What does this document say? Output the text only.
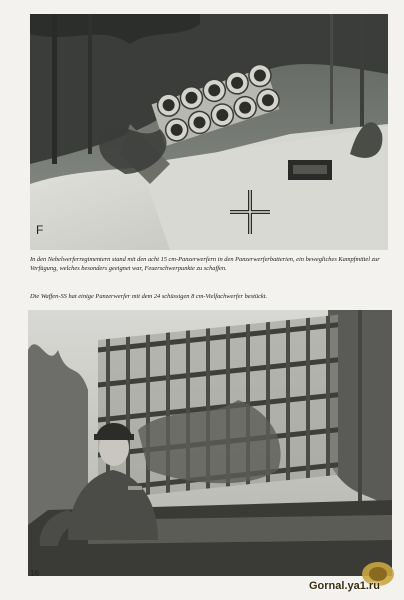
F

In den Nebelwerferregimentern stand mit den acht 15 cm-Panzerwerfern in den Panzerwerferbatterien, ein bewegliches Kampfmittel zur Verfügung, welches besonders geeignet war, Feuerschwerpunkte zu schaffen.

Die Waffen-SS hat einige Panzerwerfer mit dem 24 schüssigen 8 cm-Vielfachwerfer bestückt.

16
Gornal.ya1.ru
